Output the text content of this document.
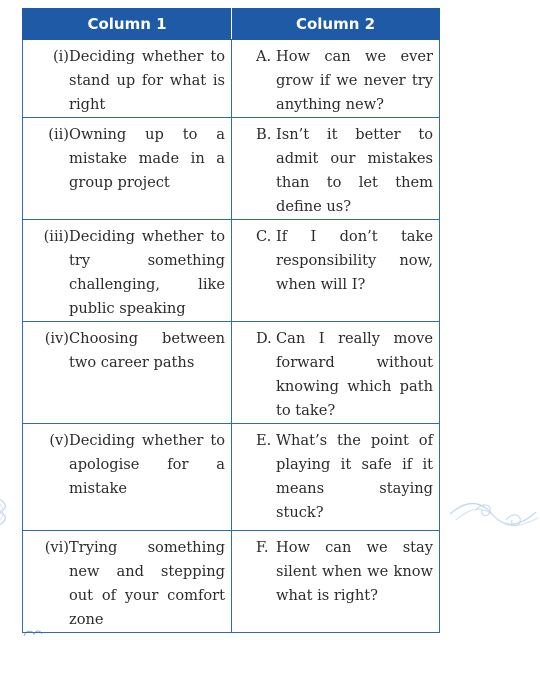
Column 1	Column 2

(i) Deciding whether to stand up for what is right	A. How can we ever grow if we never try anything new?

(ii) Owning up to a mistake made in a group project	B. Isn’t it better to admit our mistakes than to let them define us?

(iii) Deciding whether to try something challenging, like public speaking	C. If I don’t take responsibility now, when will I?

(iv) Choosing between two career paths	D. Can I really move forward without knowing which path to take?

(v) Deciding whether to apologise for a mistake	E. What’s the point of playing it safe if it means staying stuck?

(vi) Trying something new and stepping out of your comfort zone	F. How can we stay silent when we know what is right?
